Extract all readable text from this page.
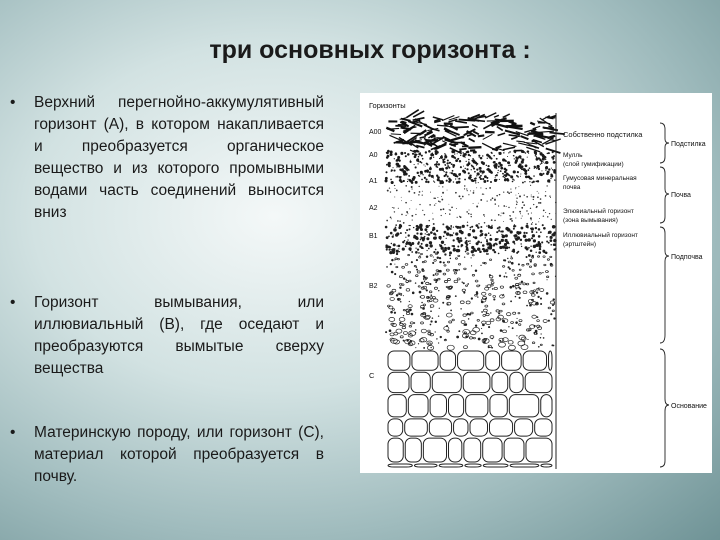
три основных горизонта :
•	Верхний перегнойно-аккумулятивный горизонт (А), в котором накапливается и преобразуется органическое вещество и из которого промывными водами часть соединений выносится вниз
•	Горизонт вымывания, или иллювиальный (В), где оседают и преобразуются вымытые сверху вещества
•	Материнскую породу, или горизонт (С), материал которой преобразуется в почву.
Горизонты
A00
A0
A1
A2
B1
B2
C
Собственно подстилка
Мулль
(слой гумификации)
Гумусовая минеральная
почва
Элювиальный горизонт
(зона вымывания)
Иллювиальный горизонт
(эртштейн)
Подстилка
Почва
Подпочва
Основание
